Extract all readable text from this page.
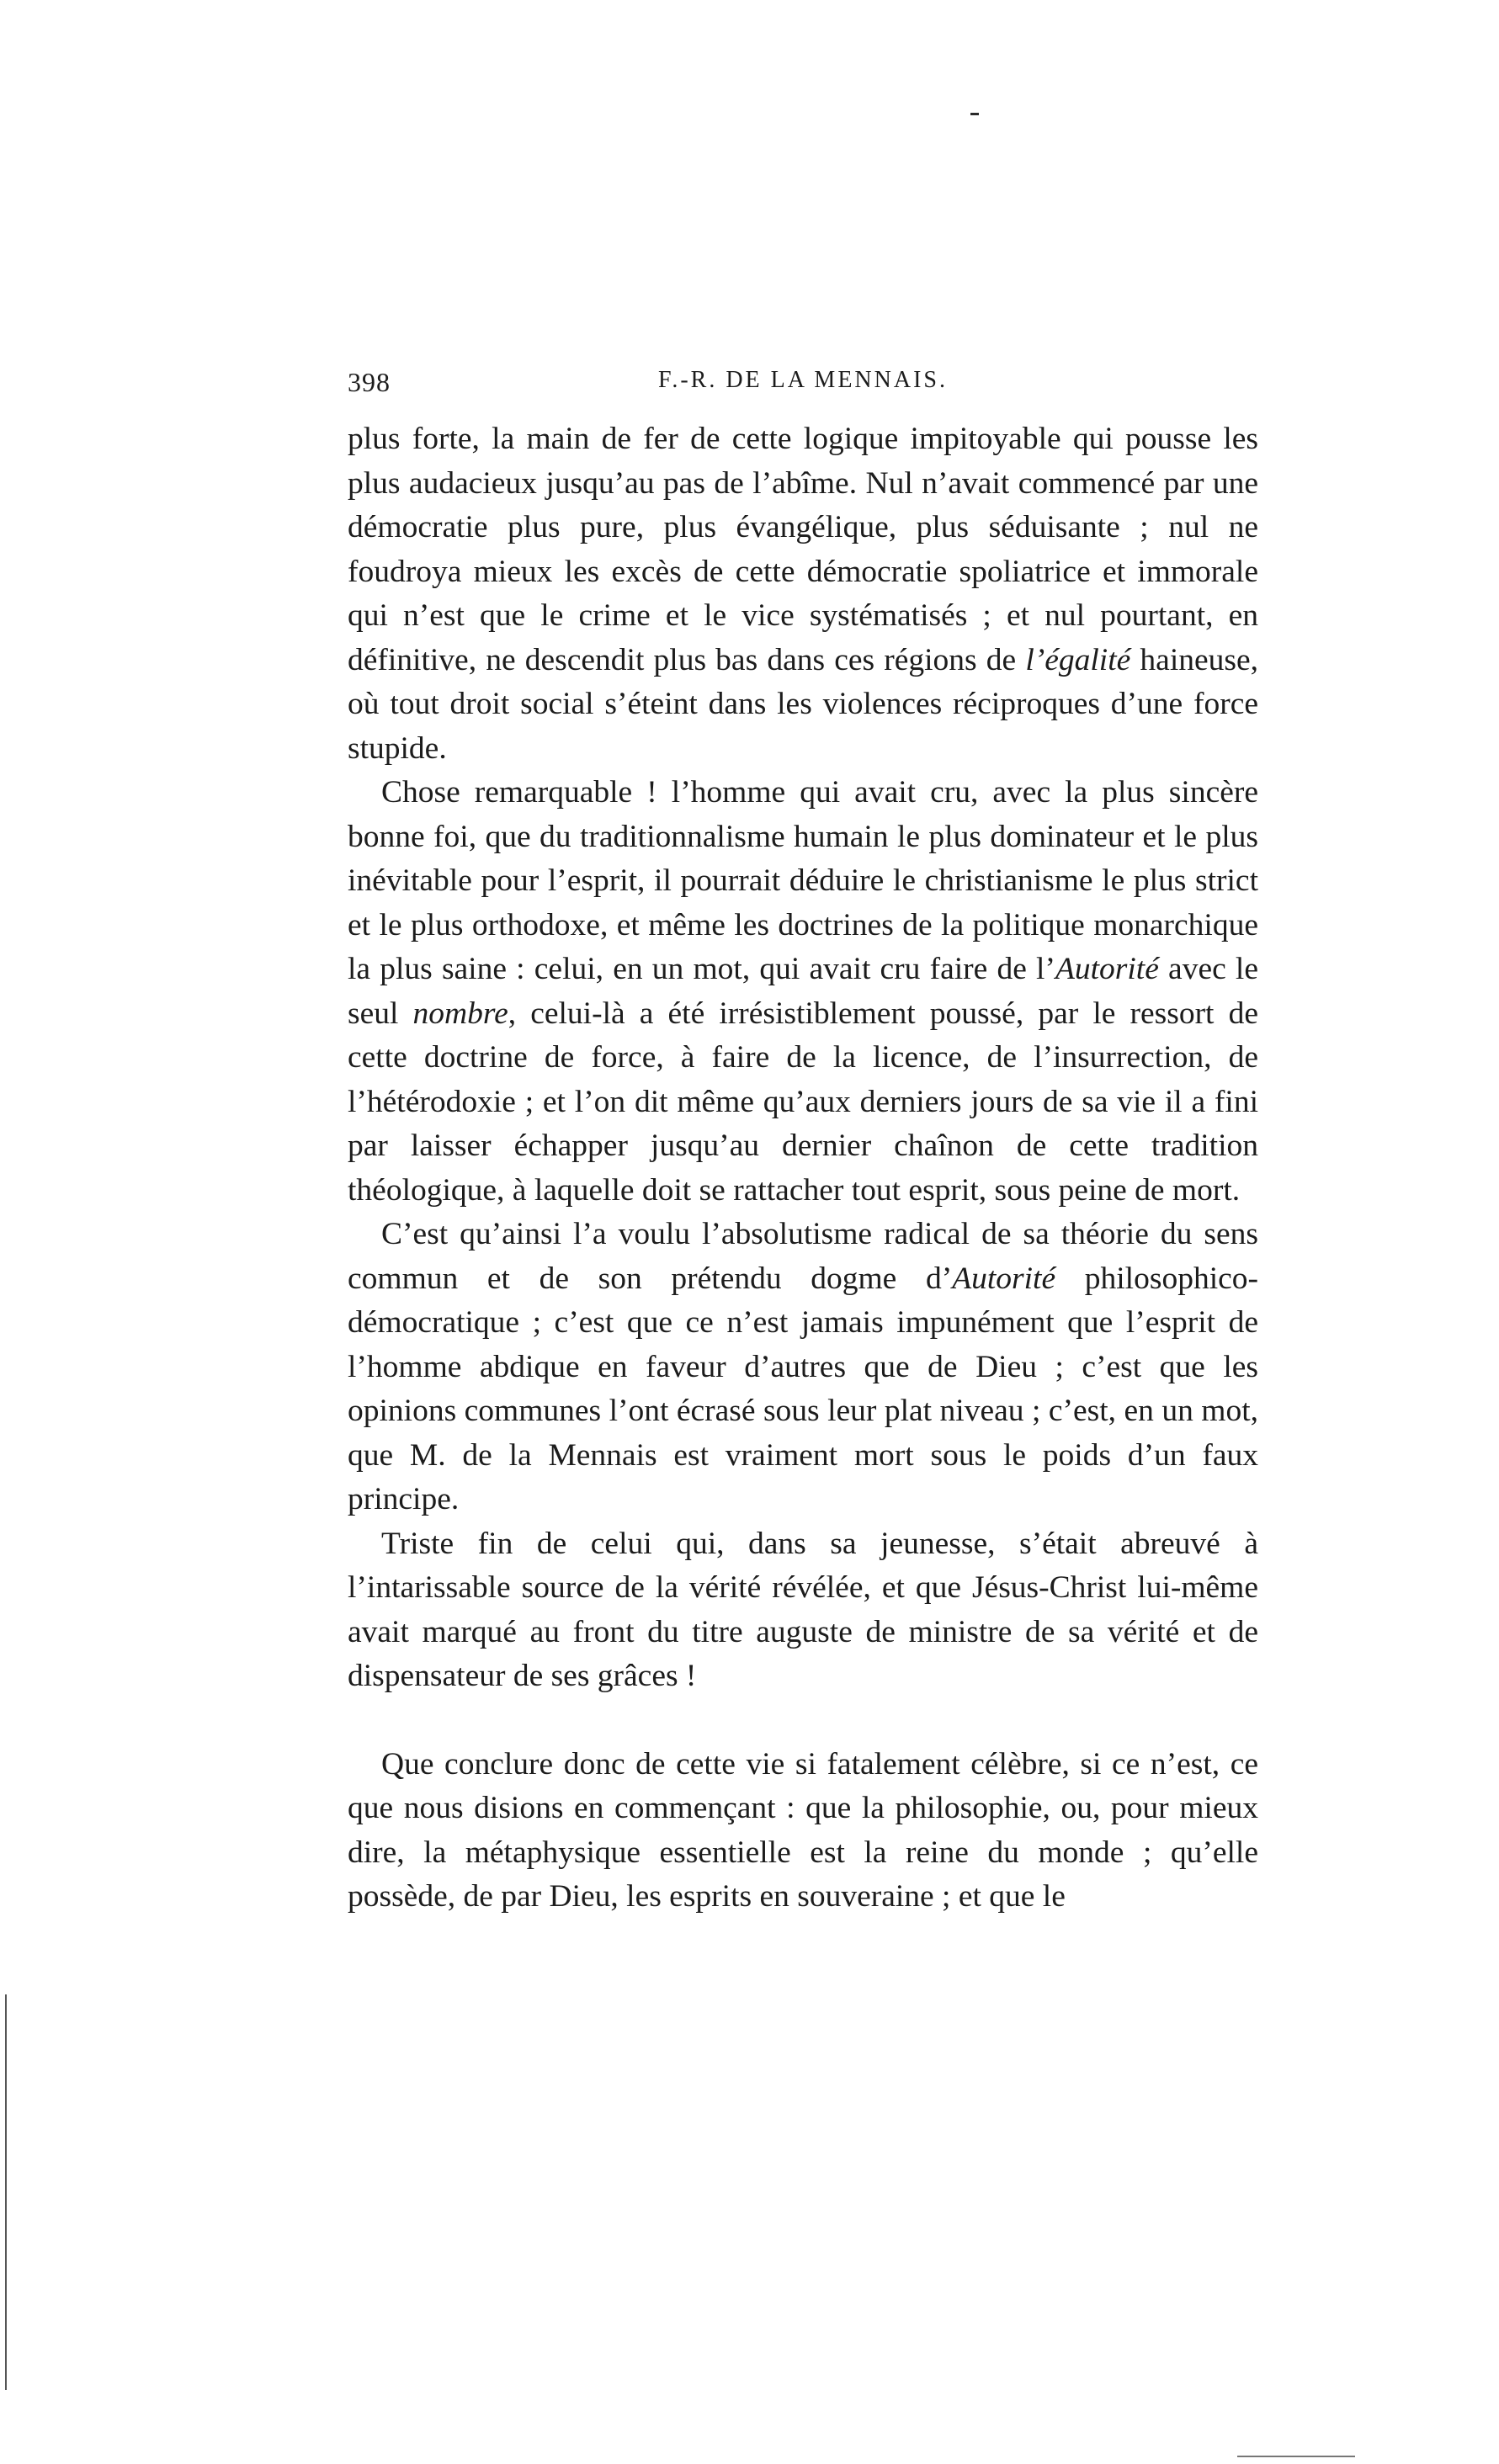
398	F.-R. DE LA MENNAIS.

plus forte, la main de fer de cette logique impitoyable qui pousse les plus audacieux jusqu’au pas de l’abîme. Nul n’avait commencé par une démocratie plus pure, plus évangélique, plus séduisante ; nul ne foudroya mieux les excès de cette démocratie spoliatrice et immorale qui n’est que le crime et le vice systématisés ; et nul pourtant, en définitive, ne descendit plus bas dans ces régions de l’égalité haineuse, où tout droit social s’éteint dans les violences réciproques d’une force stupide.

Chose remarquable ! l’homme qui avait cru, avec la plus sincère bonne foi, que du traditionnalisme humain le plus dominateur et le plus inévitable pour l’esprit, il pourrait déduire le christianisme le plus strict et le plus orthodoxe, et même les doctrines de la politique monarchique la plus saine : celui, en un mot, qui avait cru faire de l’Autorité avec le seul nombre, celui-là a été irrésistiblement poussé, par le ressort de cette doctrine de force, à faire de la licence, de l’insurrection, de l’hétérodoxie ; et l’on dit même qu’aux derniers jours de sa vie il a fini par laisser échapper jusqu’au dernier chaînon de cette tradition théologique, à laquelle doit se rattacher tout esprit, sous peine de mort.

C’est qu’ainsi l’a voulu l’absolutisme radical de sa théorie du sens commun et de son prétendu dogme d’Autorité philosophico-démocratique ; c’est que ce n’est jamais impunément que l’esprit de l’homme abdique en faveur d’autres que de Dieu ; c’est que les opinions communes l’ont écrasé sous leur plat niveau ; c’est, en un mot, que M. de la Mennais est vraiment mort sous le poids d’un faux principe.

Triste fin de celui qui, dans sa jeunesse, s’était abreuvé à l’intarissable source de la vérité révélée, et que Jésus-Christ lui-même avait marqué au front du titre auguste de ministre de sa vérité et de dispensateur de ses grâces !

Que conclure donc de cette vie si fatalement célèbre, si ce n’est, ce que nous disions en commençant : que la philosophie, ou, pour mieux dire, la métaphysique essentielle est la reine du monde ; qu’elle possède, de par Dieu, les esprits en souveraine ; et que le
